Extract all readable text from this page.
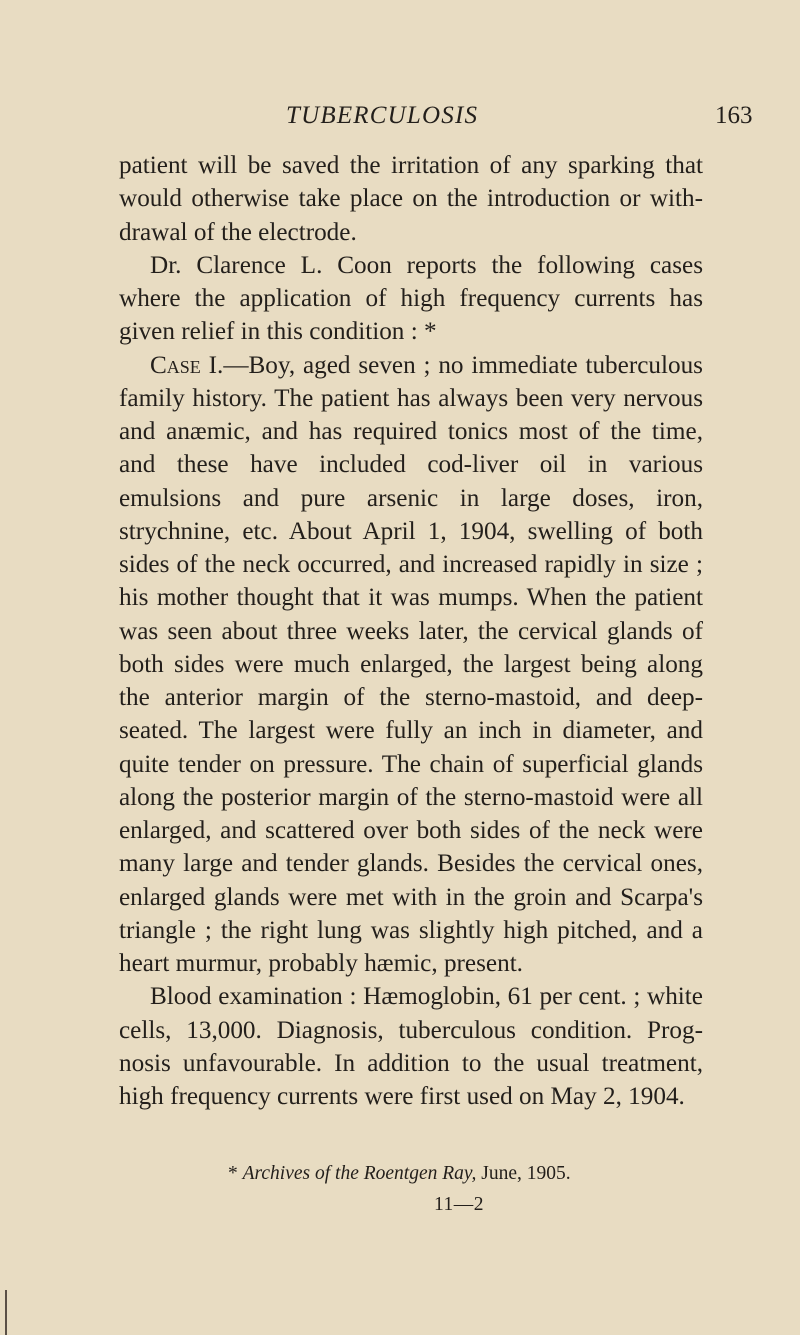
TUBERCULOSIS	163

patient will be saved the irritation of any sparking that would otherwise take place on the introduction or with-drawal of the electrode.

Dr. Clarence L. Coon reports the following cases where the application of high frequency currents has given relief in this condition : *

Case I.—Boy, aged seven ; no immediate tuberculous family history. The patient has always been very nervous and anæmic, and has required tonics most of the time, and these have included cod-liver oil in various emulsions and pure arsenic in large doses, iron, strychnine, etc. About April 1, 1904, swelling of both sides of the neck occurred, and increased rapidly in size ; his mother thought that it was mumps. When the patient was seen about three weeks later, the cervical glands of both sides were much enlarged, the largest being along the anterior margin of the sterno-mastoid, and deep-seated. The largest were fully an inch in diameter, and quite tender on pressure. The chain of superficial glands along the posterior margin of the sterno-mastoid were all enlarged, and scattered over both sides of the neck were many large and tender glands. Besides the cervical ones, enlarged glands were met with in the groin and Scarpa's triangle ; the right lung was slightly high pitched, and a heart murmur, probably hæmic, present.

Blood examination : Hæmoglobin, 61 per cent. ; white cells, 13,000. Diagnosis, tuberculous condition. Prog-nosis unfavourable. In addition to the usual treatment, high frequency currents were first used on May 2, 1904.

* Archives of the Roentgen Ray, June, 1905.
11—2
